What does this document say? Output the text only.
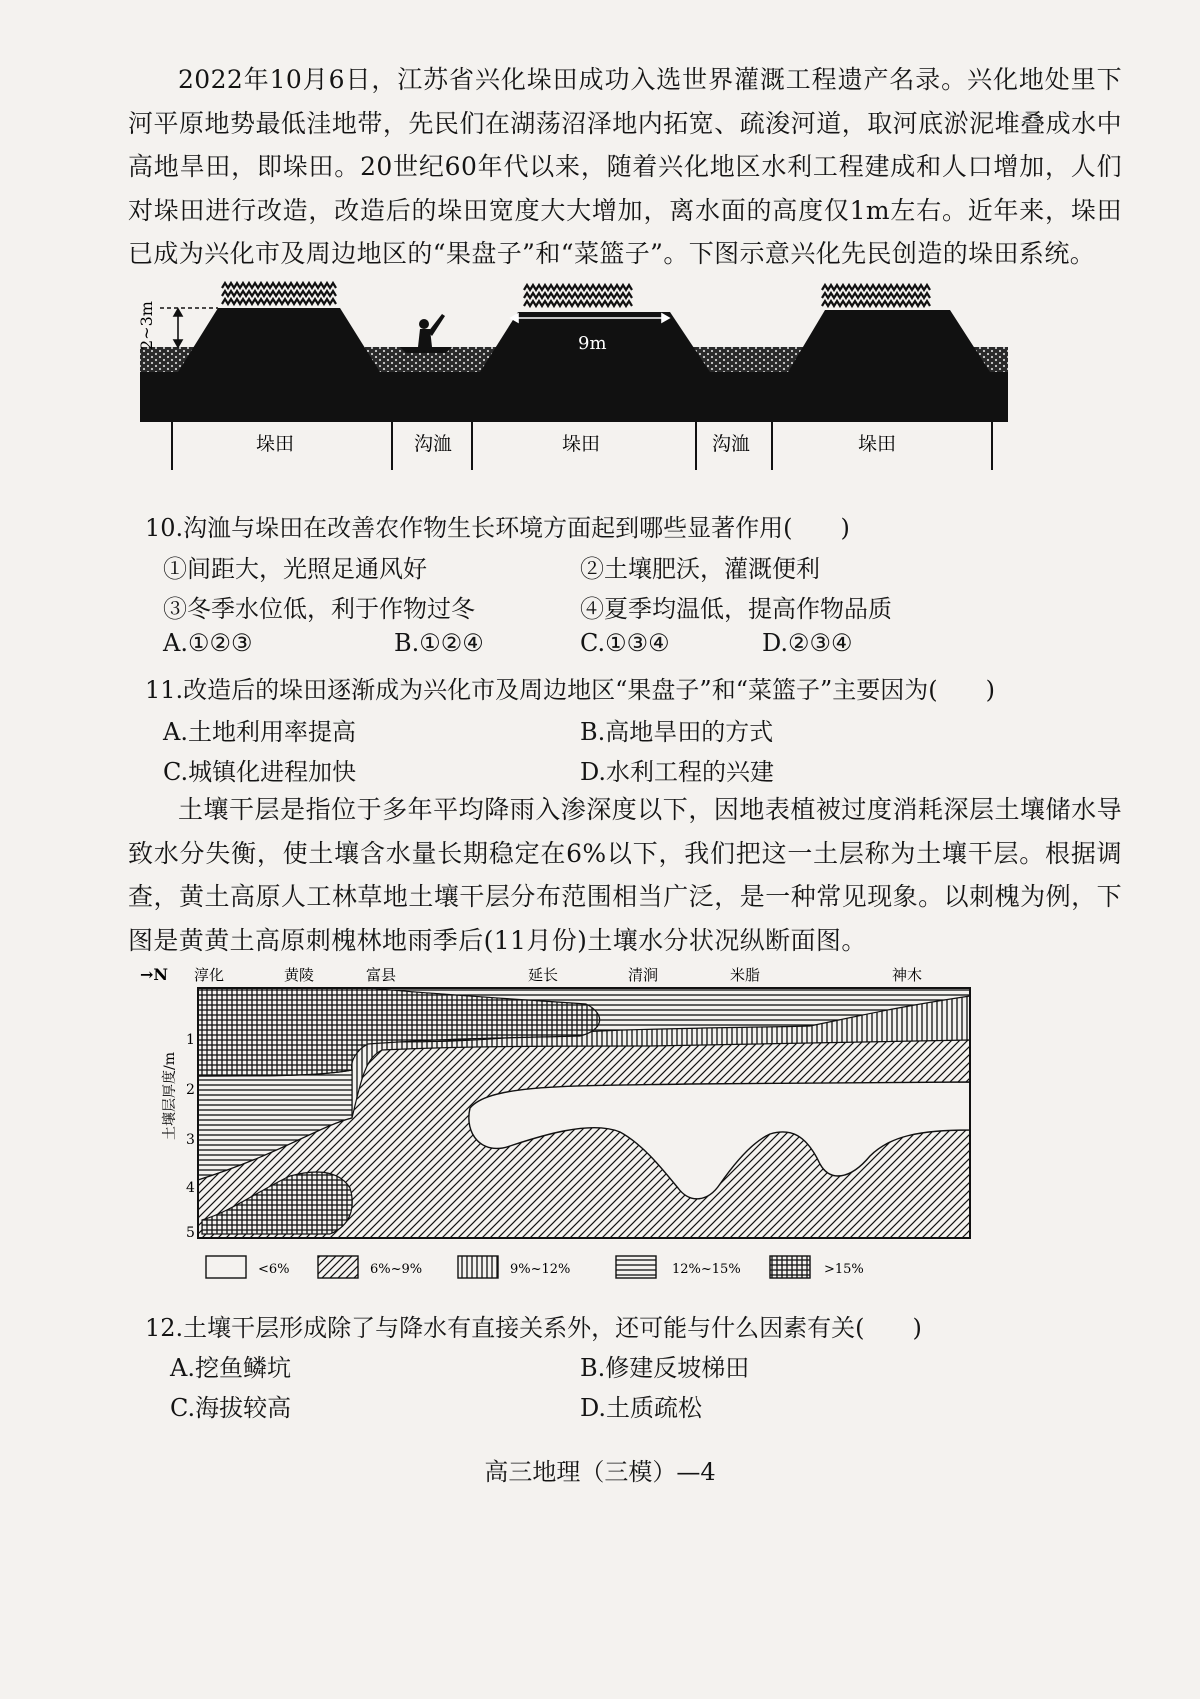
2022年10月6日，江苏省兴化垛田成功入选世界灌溉工程遗产名录。兴化地处里下河平原地势最低洼地带，先民们在湖荡沼泽地内拓宽、疏浚河道，取河底淤泥堆叠成水中高地旱田，即垛田。20世纪60年代以来，随着兴化地区水利工程建成和人口增加，人们对垛田进行改造，改造后的垛田宽度大大增加，离水面的高度仅1m左右。近年来，垛田已成为兴化市及周边地区的“果盘子”和“菜篮子”。下图示意兴化先民创造的垛田系统。

2~3m	9m
垛田	沟洫	垛田	沟洫	垛田

10.沟洫与垛田在改善农作物生长环境方面起到哪些显著作用(　　)

①间距大，光照足通风好	②土壤肥沃，灌溉便利

③冬季水位低，利于作物过冬	④夏季均温低，提高作物品质

A.①②③	B.①②④	C.①③④	D.②③④

11.改造后的垛田逐渐成为兴化市及周边地区“果盘子”和“菜篮子”主要因为(　　)

A.土地利用率提高	B.高地旱田的方式

C.城镇化进程加快	D.水利工程的兴建

土壤干层是指位于多年平均降雨入渗深度以下，因地表植被过度消耗深层土壤储水导致水分失衡，使土壤含水量长期稳定在6%以下，我们把这一土层称为土壤干层。根据调查，黄土高原人工林草地土壤干层分布范围相当广泛，是一种常见现象。以刺槐为例，下图是黄黄土高原刺槐林地雨季后(11月份)土壤水分状况纵断面图。

→N 淳化	黄陵	富县	延长	清涧	米脂	神木
土壤层厚度/m
1
2
3
4
5
<6%	6%~9%	9%~12%	12%~15%	>15%

12.土壤干层形成除了与降水有直接关系外，还可能与什么因素有关(　　)

A.挖鱼鳞坑	B.修建反坡梯田

C.海拔较高	D.土质疏松

高三地理（三模）—4
